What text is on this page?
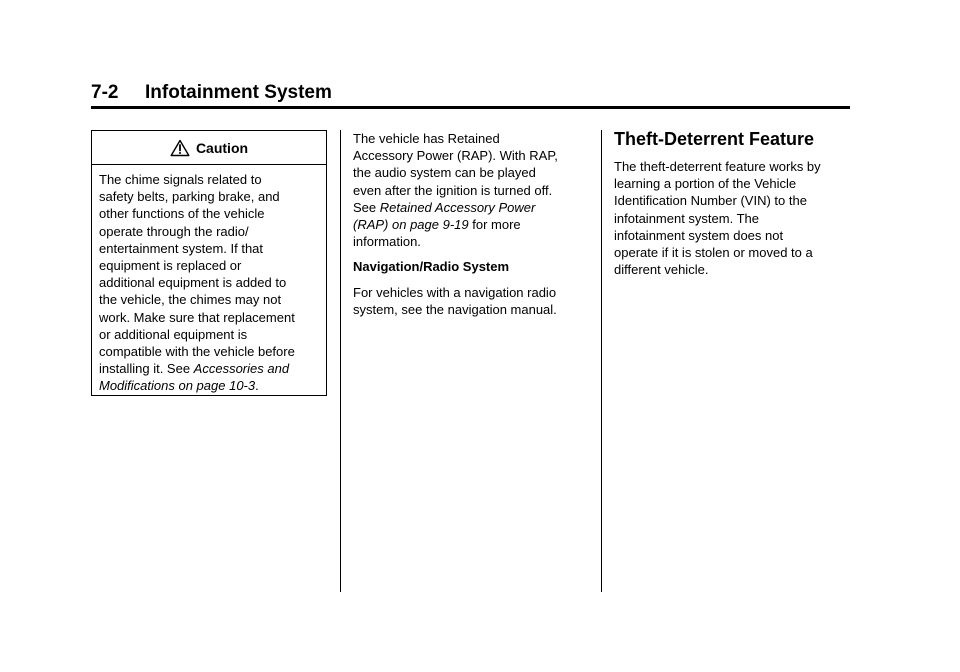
7-2 Infotainment System
Caution
The chime signals related to
safety belts, parking brake, and
other functions of the vehicle
operate through the radio/
entertainment system. If that
equipment is replaced or
additional equipment is added to
the vehicle, the chimes may not
work. Make sure that replacement
or additional equipment is
compatible with the vehicle before
installing it. See Accessories and
Modifications on page 10-3.
The vehicle has Retained
Accessory Power (RAP). With RAP,
the audio system can be played
even after the ignition is turned off.
See Retained Accessory Power
(RAP) on page 9-19 for more
information.
Navigation/Radio System
For vehicles with a navigation radio
system, see the navigation manual.
Theft-Deterrent Feature
The theft-deterrent feature works by
learning a portion of the Vehicle
Identification Number (VIN) to the
infotainment system. The
infotainment system does not
operate if it is stolen or moved to a
different vehicle.
